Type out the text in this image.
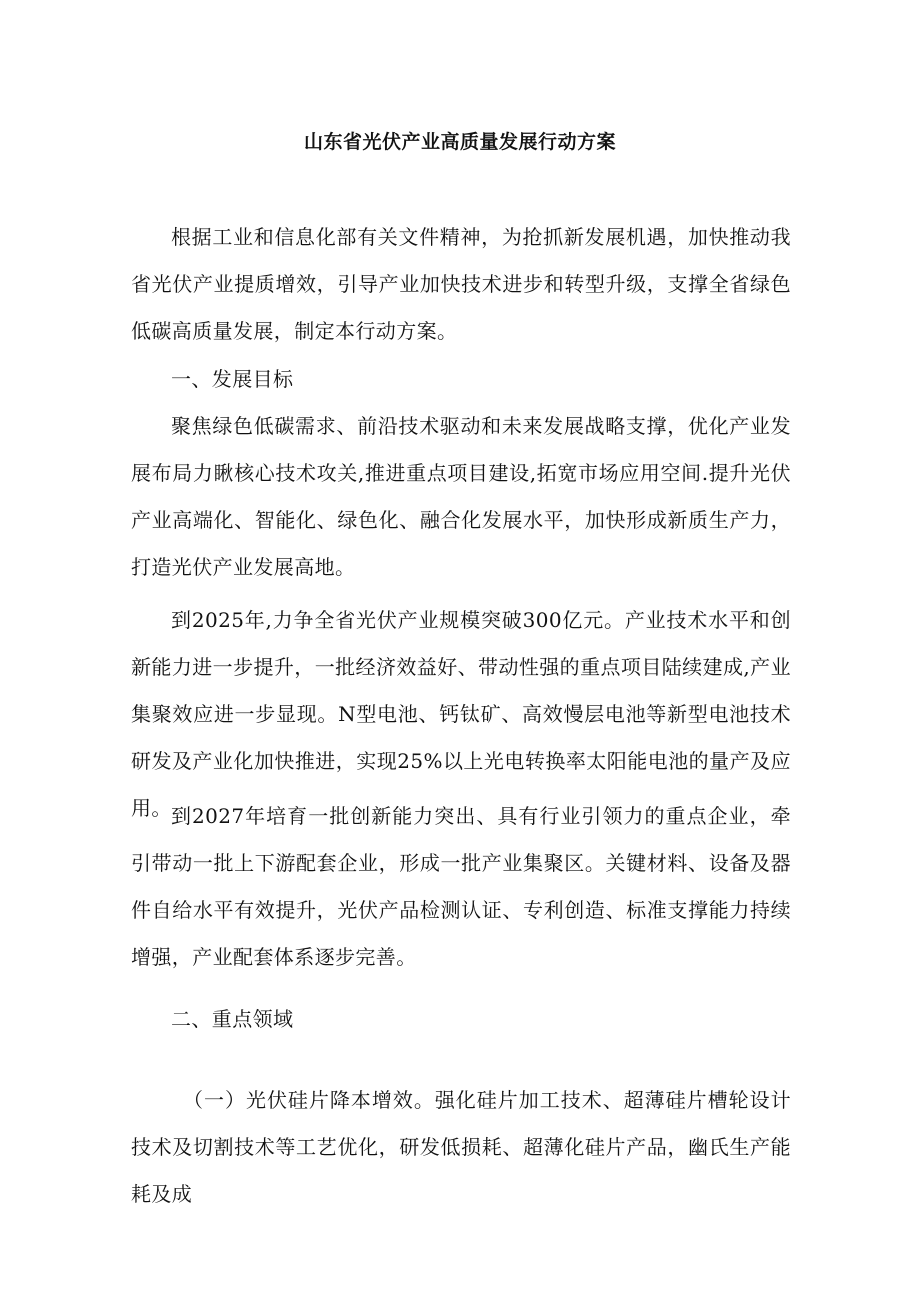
山东省光伏产业高质量发展行动方案

根据工业和信息化部有关文件精神，为抢抓新发展机遇，加快推动我省光伏产业提质增效，引导产业加快技术进步和转型升级，支撑全省绿色低碳高质量发展，制定本行动方案。

一、发展目标

聚焦绿色低碳需求、前沿技术驱动和未来发展战略支撑，优化产业发展布局力瞅核心技术攻关,推进重点项目建设,拓宽市场应用空间.提升光伏产业高端化、智能化、绿色化、融合化发展水平，加快形成新质生产力，打造光伏产业发展高地。

到2025年,力争全省光伏产业规模突破300亿元。产业技术水平和创新能力进一步提升，一批经济效益好、带动性强的重点项目陆续建成,产业集聚效应进一步显现。N型电池、钙钛矿、高效慢层电池等新型电池技术研发及产业化加快推进，实现25%以上光电转换率太阳能电池的量产及应用。 到2027年培育一批创新能力突出、具有行业引领力的重点企业，牵引带动一批上下游配套企业，形成一批产业集聚区。关键材料、设备及器件自给水平有效提升，光伏产品检测认证、专利创造、标准支撑能力持续增强，产业配套体系逐步完善。

二、重点领域

（一）光伏硅片降本增效。强化硅片加工技术、超薄硅片槽轮设计技术及切割技术等工艺优化，研发低损耗、超薄化硅片产品，幽氏生产能耗及成
